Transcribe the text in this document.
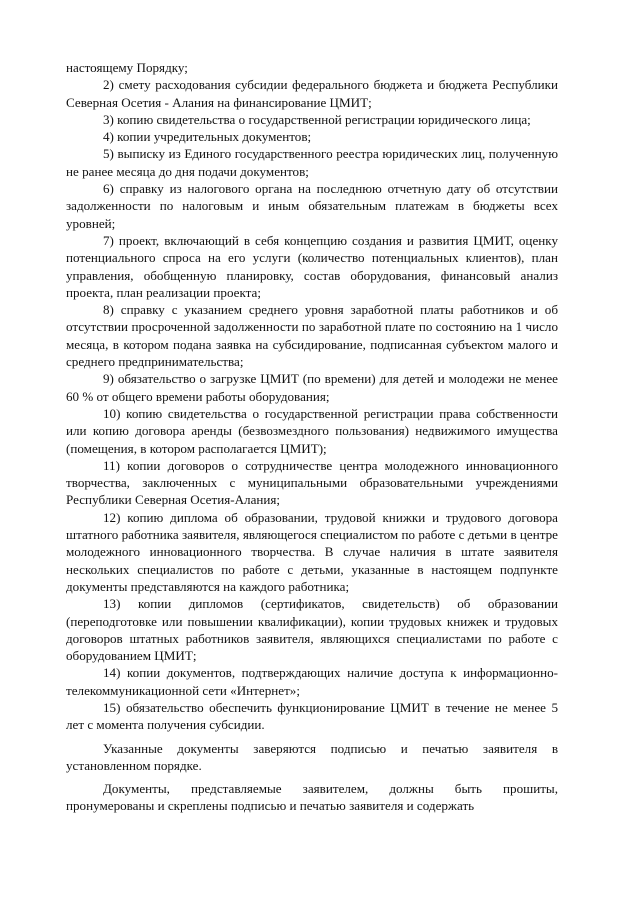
настоящему Порядку;

2) смету расходования субсидии федерального бюджета и бюджета Республики Северная Осетия - Алания на финансирование ЦМИТ;

3) копию свидетельства о государственной регистрации юридического лица;

4) копии учредительных документов;

5) выписку из Единого государственного реестра юридических лиц, полученную не ранее месяца до дня подачи документов;

6) справку из налогового органа на последнюю отчетную дату об отсутствии задолженности по налоговым и иным обязательным платежам в бюджеты всех уровней;

7) проект, включающий в себя концепцию создания и развития ЦМИТ, оценку потенциального спроса на его услуги (количество потенциальных клиентов), план управления, обобщенную планировку, состав оборудования, финансовый анализ проекта, план реализации проекта;

8) справку с указанием среднего уровня заработной платы работников и об отсутствии просроченной задолженности по заработной плате по состоянию на 1 число месяца, в котором подана заявка на субсидирование, подписанная субъектом малого и среднего предпринимательства;

9) обязательство о загрузке ЦМИТ (по времени) для детей и молодежи не менее 60 % от общего времени работы оборудования;

10) копию свидетельства о государственной регистрации права собственности или копию договора аренды (безвозмездного пользования) недвижимого имущества (помещения, в котором располагается ЦМИТ);

11) копии договоров о сотрудничестве центра молодежного инновационного творчества, заключенных с муниципальными образовательными учреждениями Республики Северная Осетия-Алания;

12) копию диплома об образовании, трудовой книжки и трудового договора штатного работника заявителя, являющегося специалистом по работе с детьми в центре молодежного инновационного творчества. В случае наличия в штате заявителя нескольких специалистов по работе с детьми, указанные в настоящем подпункте документы представляются на каждого работника;

13) копии дипломов (сертификатов, свидетельств) об образовании (переподготовке или повышении квалификации), копии трудовых книжек и трудовых договоров штатных работников заявителя, являющихся специалистами по работе с оборудованием ЦМИТ;

14) копии документов, подтверждающих наличие доступа к информационно-телекоммуникационной сети «Интернет»;

15) обязательство обеспечить функционирование ЦМИТ в течение не менее 5 лет с момента получения субсидии.

Указанные документы заверяются подписью и печатью заявителя в установленном порядке.

Документы, представляемые заявителем, должны быть прошиты, пронумерованы и скреплены подписью и печатью заявителя и содержать
